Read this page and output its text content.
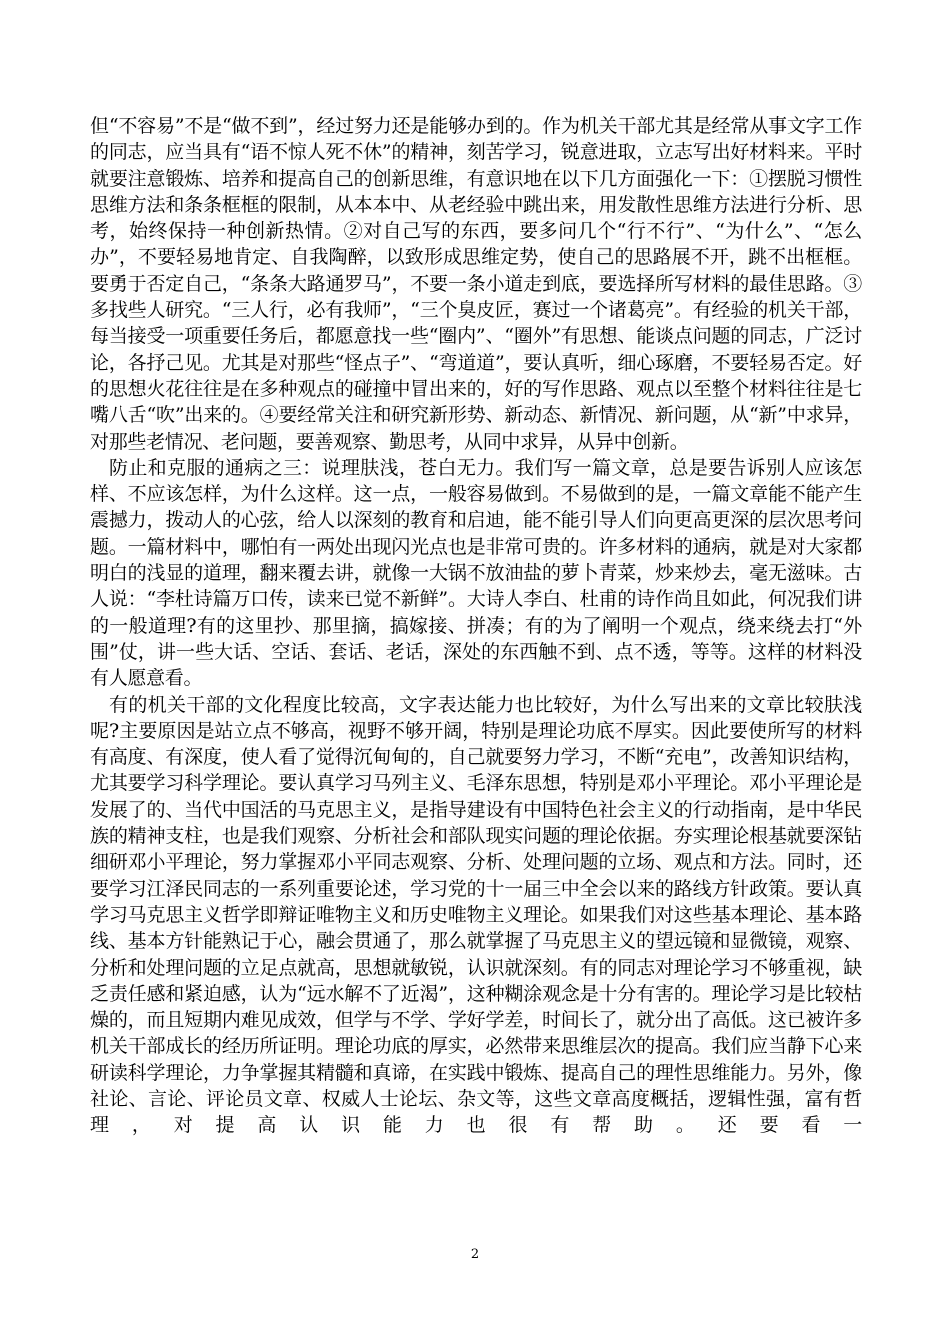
但“不容易”不是“做不到”，经过努力还是能够办到的。作为机关干部尤其是经常从事文字工作的同志，应当具有“语不惊人死不休”的精神，刻苦学习，锐意进取，立志写出好材料来。平时就要注意锻炼、培养和提高自己的创新思维，有意识地在以下几方面强化一下：①摆脱习惯性思维方法和条条框框的限制，从本本中、从老经验中跳出来，用发散性思维方法进行分析、思考，始终保持一种创新热情。②对自己写的东西，要多问几个“行不行”、“为什么”、“怎么办”，不要轻易地肯定、自我陶醉，以致形成思维定势，使自己的思路展不开，跳不出框框。要勇于否定自己，“条条大路通罗马”，不要一条小道走到底，要选择所写材料的最佳思路。③多找些人研究。“三人行，必有我师”，“三个臭皮匠，赛过一个诸葛亮”。有经验的机关干部，每当接受一项重要任务后，都愿意找一些“圈内”、“圈外”有思想、能谈点问题的同志，广泛讨论，各抒己见。尤其是对那些“怪点子”、“弯道道”，要认真听，细心琢磨，不要轻易否定。好的思想火花往往是在多种观点的碰撞中冒出来的，好的写作思路、观点以至整个材料往往是七嘴八舌“吹”出来的。④要经常关注和研究新形势、新动态、新情况、新问题，从“新”中求异，对那些老情况、老问题，要善观察、勤思考，从同中求异，从异中创新。

防止和克服的通病之三：说理肤浅，苍白无力。我们写一篇文章，总是要告诉别人应该怎样、不应该怎样，为什么这样。这一点，一般容易做到。不易做到的是，一篇文章能不能产生震撼力，拨动人的心弦，给人以深刻的教育和启迪，能不能引导人们向更高更深的层次思考问题。一篇材料中，哪怕有一两处出现闪光点也是非常可贵的。许多材料的通病，就是对大家都明白的浅显的道理，翻来覆去讲，就像一大锅不放油盐的萝卜青菜，炒来炒去，毫无滋味。古人说：“李杜诗篇万口传，读来已觉不新鲜”。大诗人李白、杜甫的诗作尚且如此，何况我们讲的一般道理?有的这里抄、那里摘，搞嫁接、拼凑；有的为了阐明一个观点，绕来绕去打“外围”仗，讲一些大话、空话、套话、老话，深处的东西触不到、点不透，等等。这样的材料没有人愿意看。

有的机关干部的文化程度比较高，文字表达能力也比较好，为什么写出来的文章比较肤浅呢?主要原因是站立点不够高，视野不够开阔，特别是理论功底不厚实。因此要使所写的材料有高度、有深度，使人看了觉得沉甸甸的，自己就要努力学习，不断“充电”，改善知识结构，尤其要学习科学理论。要认真学习马列主义、毛泽东思想，特别是邓小平理论。邓小平理论是发展了的、当代中国活的马克思主义，是指导建设有中国特色社会主义的行动指南，是中华民族的精神支柱，也是我们观察、分析社会和部队现实问题的理论依据。夯实理论根基就要深钻细研邓小平理论，努力掌握邓小平同志观察、分析、处理问题的立场、观点和方法。同时，还要学习江泽民同志的一系列重要论述，学习党的十一届三中全会以来的路线方针政策。要认真学习马克思主义哲学即辩证唯物主义和历史唯物主义理论。如果我们对这些基本理论、基本路线、基本方针能熟记于心，融会贯通了，那么就掌握了马克思主义的望远镜和显微镜，观察、分析和处理问题的立足点就高，思想就敏锐，认识就深刻。有的同志对理论学习不够重视，缺乏责任感和紧迫感，认为“远水解不了近渴”，这种糊涂观念是十分有害的。理论学习是比较枯燥的，而且短期内难见成效，但学与不学、学好学差，时间长了，就分出了高低。这已被许多机关干部成长的经历所证明。理论功底的厚实，必然带来思维层次的提高。我们应当静下心来研读科学理论，力争掌握其精髓和真谛，在实践中锻炼、提高自己的理性思维能力。另外，像社论、言论、评论员文章、权威人士论坛、杂文等，这些文章高度概括，逻辑性强，富有哲理，对提高认识能力也很有帮助。还要看一

2
